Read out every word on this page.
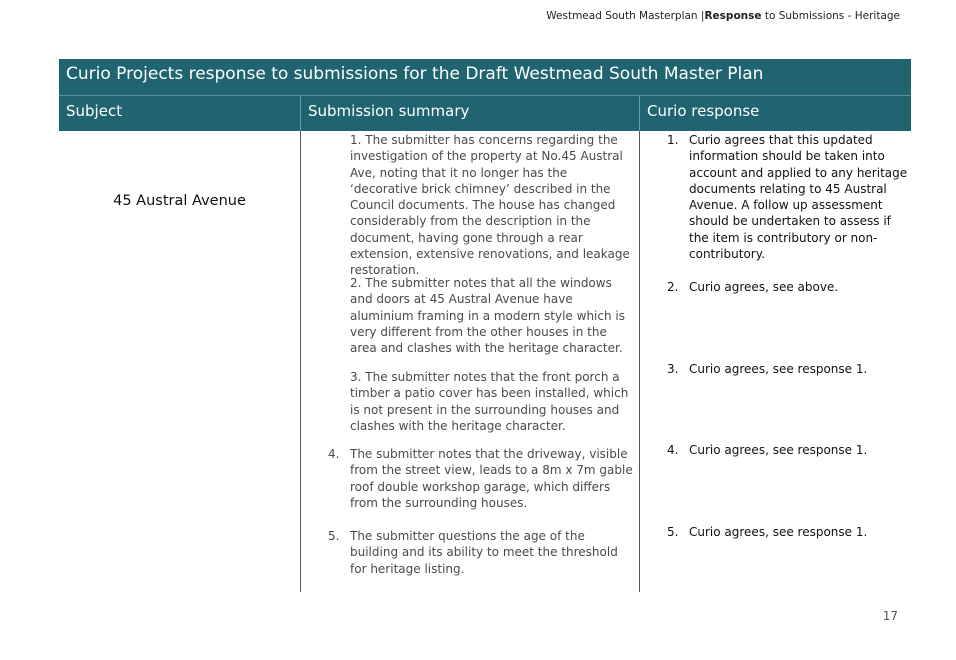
Westmead South Masterplan |Response to Submissions - Heritage
Curio Projects response to submissions for the Draft Westmead South Master Plan
Subject	Submission summary	Curio response
45 Austral Avenue
1. The submitter has concerns regarding the investigation of the property at No.45 Austral Ave, noting that it no longer has the ‘decorative brick chimney’ described in the Council documents. The house has changed considerably from the description in the document, having gone through a rear extension, extensive renovations, and leakage restoration.
2. The submitter notes that all the windows and doors at 45 Austral Avenue have aluminium framing in a modern style which is very different from the other houses in the area and clashes with the heritage character.
3. The submitter notes that the front porch a timber a patio cover has been installed, which is not present in the surrounding houses and clashes with the heritage character.
4. The submitter notes that the driveway, visible from the street view, leads to a 8m x 7m gable roof double workshop garage, which differs from the surrounding houses.
5. The submitter questions the age of the building and its ability to meet the threshold for heritage listing.
1. Curio agrees that this updated information should be taken into account and applied to any heritage documents relating to 45 Austral Avenue. A follow up assessment should be undertaken to assess if the item is contributory or non-contributory.
2. Curio agrees, see above.
3. Curio agrees, see response 1.
4. Curio agrees, see response 1.
5. Curio agrees, see response 1.
17
